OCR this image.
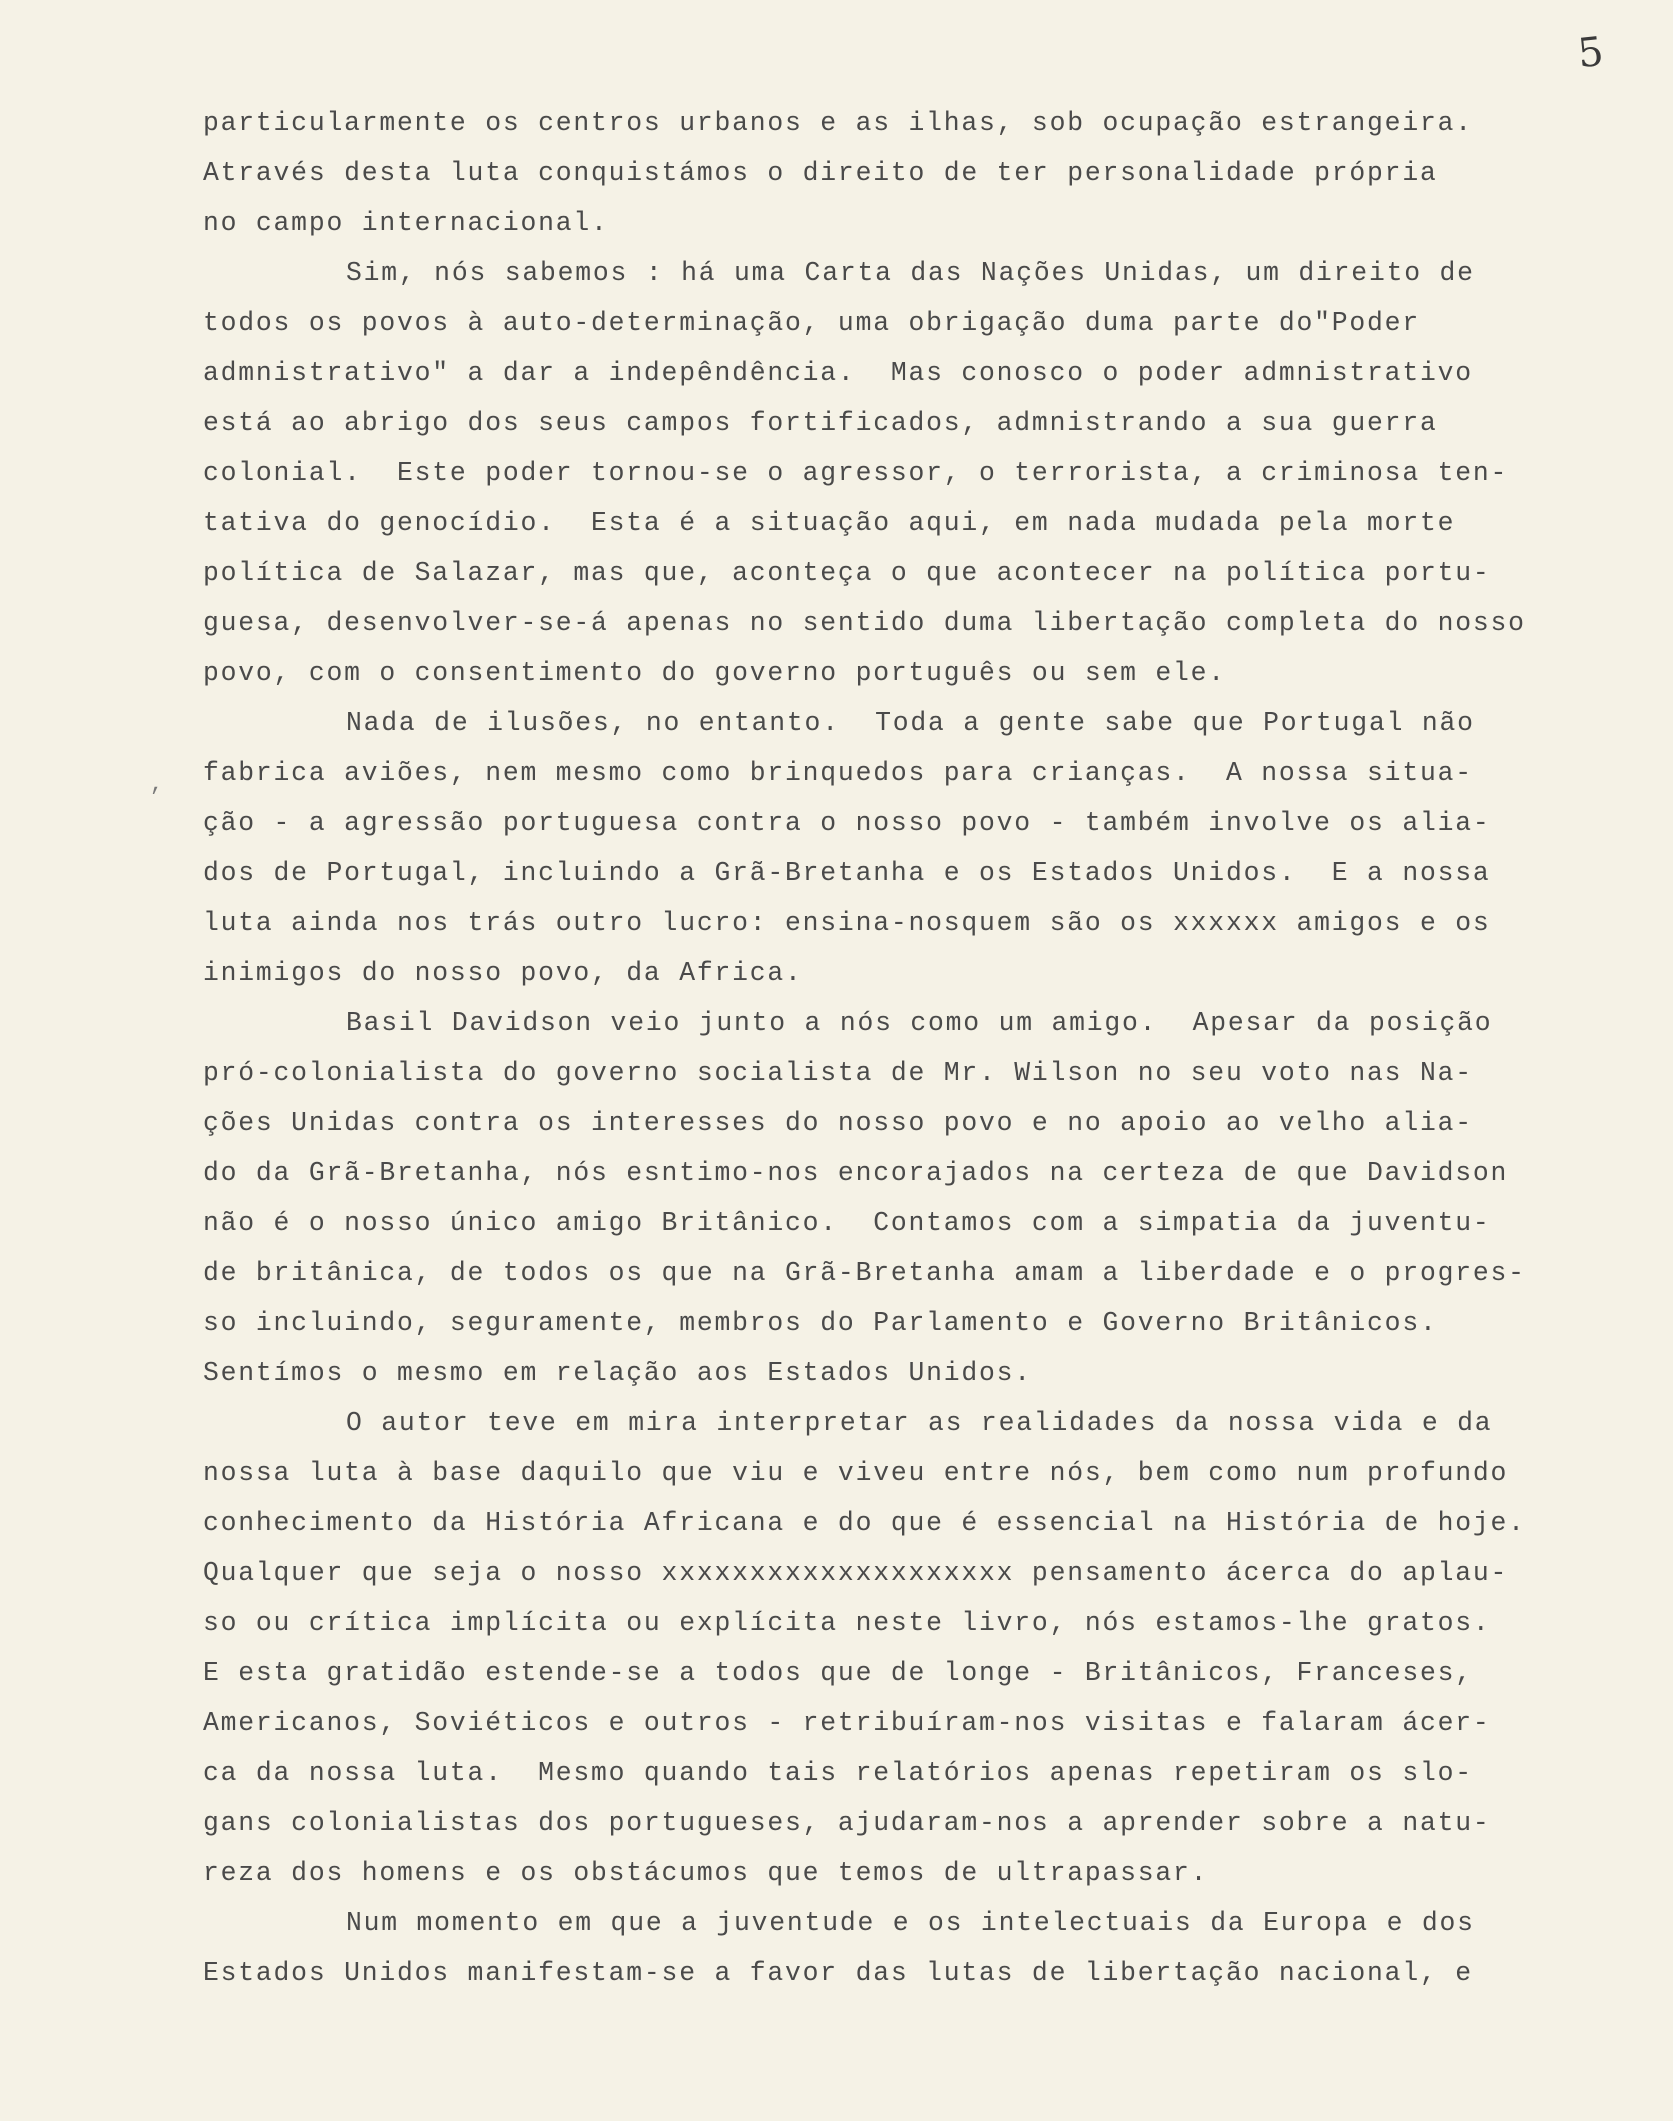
5
,
particularmente os centros urbanos e as ilhas, sob ocupação estrangeira.
Através desta luta conquistámos o direito de ter personalidade própria
no campo internacional.
Sim, nós sabemos : há uma Carta das Nações Unidas, um direito de
todos os povos à auto-determinação, uma obrigação duma parte do"Poder
admnistrativo" a dar a indepêndência.  Mas conosco o poder admnistrativo
está ao abrigo dos seus campos fortificados, admnistrando a sua guerra
colonial.  Este poder tornou-se o agressor, o terrorista, a criminosa ten-
tativa do genocídio.  Esta é a situação aqui, em nada mudada pela morte
política de Salazar, mas que, aconteça o que acontecer na política portu-
guesa, desenvolver-se-á apenas no sentido duma libertação completa do nosso
povo, com o consentimento do governo português ou sem ele.
Nada de ilusões, no entanto.  Toda a gente sabe que Portugal não
fabrica aviões, nem mesmo como brinquedos para crianças.  A nossa situa-
ção - a agressão portuguesa contra o nosso povo - também involve os alia-
dos de Portugal, incluindo a Grã-Bretanha e os Estados Unidos.  E a nossa
luta ainda nos trás outro lucro: ensina-nosquem são os xxxxxx amigos e os
inimigos do nosso povo, da Africa.
Basil Davidson veio junto a nós como um amigo.  Apesar da posição
pró-colonialista do governo socialista de Mr. Wilson no seu voto nas Na-
ções Unidas contra os interesses do nosso povo e no apoio ao velho alia-
do da Grã-Bretanha, nós esntimo-nos encorajados na certeza de que Davidson
não é o nosso único amigo Britânico.  Contamos com a simpatia da juventu-
de britânica, de todos os que na Grã-Bretanha amam a liberdade e o progres-
so incluindo, seguramente, membros do Parlamento e Governo Britânicos.
Sentímos o mesmo em relação aos Estados Unidos.
O autor teve em mira interpretar as realidades da nossa vida e da
nossa luta à base daquilo que viu e viveu entre nós, bem como num profundo
conhecimento da História Africana e do que é essencial na História de hoje.
Qualquer que seja o nosso xxxxxxxxxxxxxxxxxxxx pensamento ácerca do aplau-
so ou crítica implícita ou explícita neste livro, nós estamos-lhe gratos.
E esta gratidão estende-se a todos que de longe - Britânicos, Franceses,
Americanos, Soviéticos e outros - retribuíram-nos visitas e falaram ácer-
ca da nossa luta.  Mesmo quando tais relatórios apenas repetiram os slo-
gans colonialistas dos portugueses, ajudaram-nos a aprender sobre a natu-
reza dos homens e os obstácumos que temos de ultrapassar.
Num momento em que a juventude e os intelectuais da Europa e dos
Estados Unidos manifestam-se a favor das lutas de libertação nacional, e
